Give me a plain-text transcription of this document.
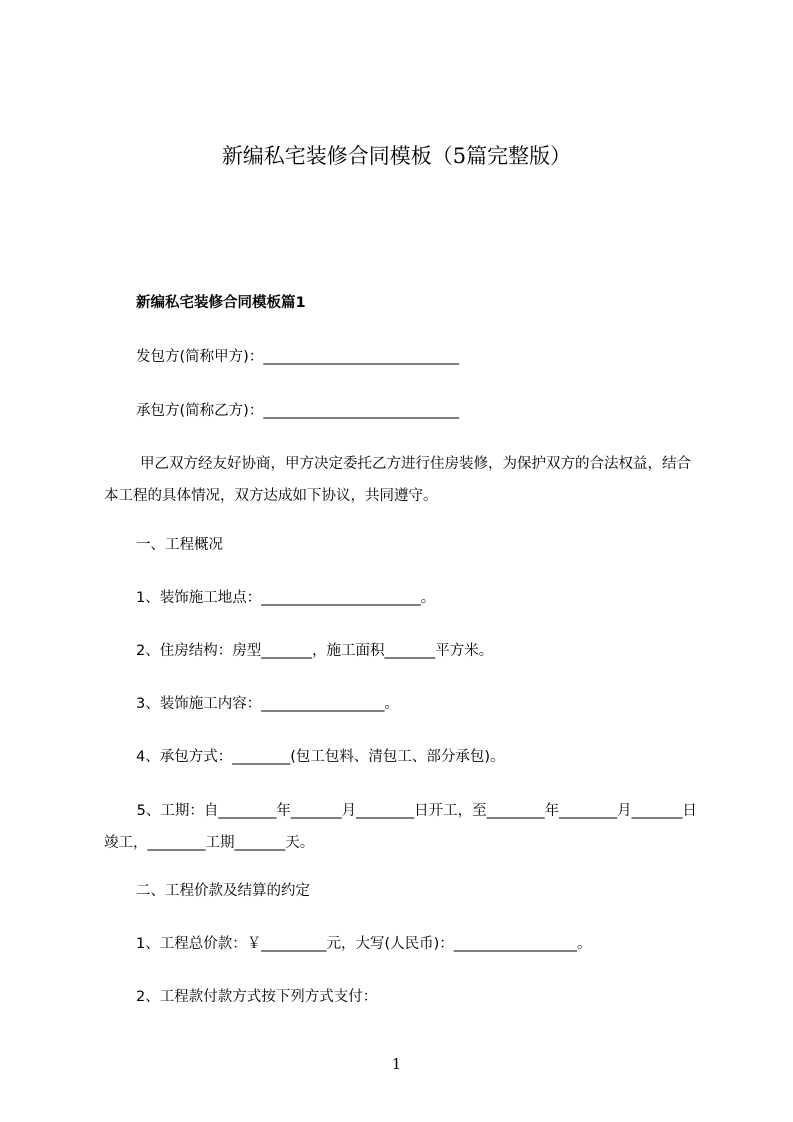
新编私宅装修合同模板（5篇完整版）
新编私宅装修合同模板篇1
发包方(简称甲方)：___________________________
承包方(简称乙方)：___________________________
甲乙双方经友好协商，甲方决定委托乙方进行住房装修，为保护双方的合法权益，结合本工程的具体情况，双方达成如下协议，共同遵守。
一、工程概况
1、装饰施工地点：______________________。
2、住房结构：房型_______，施工面积_______平方米。
3、装饰施工内容：_________________。
4、承包方式：________(包工包料、清包工、部分承包)。
5、工期：自________年_______月________日开工，至________年________月_______日竣工，________工期_______天。
二、工程价款及结算的约定
1、工程总价款：￥_________元，大写(人民币)：_________________。
2、工程款付款方式按下列方式支付：
1
